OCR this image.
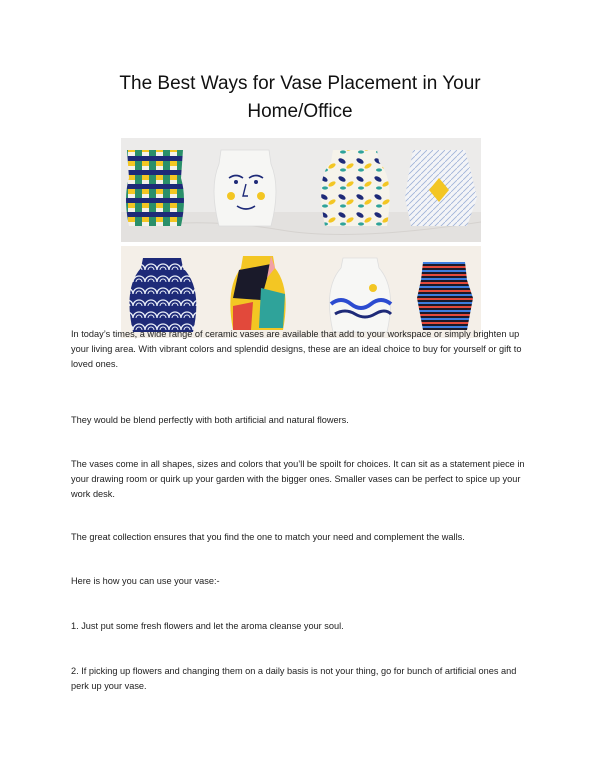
The Best Ways for Vase Placement in Your
Home/Office

In today’s times, a wide range of ceramic vases are available that add to your workspace or simply brighten up your living area. With vibrant colors and splendid designs, these are an ideal choice to buy for yourself or gift to loved ones.

They would be blend perfectly with both artificial and natural flowers.

The vases come in all shapes, sizes and colors that you’ll be spoilt for choices. It can sit as a statement piece in your drawing room or quirk up your garden with the bigger ones. Smaller vases can be perfect to spice up your work desk.

The great collection ensures that you find the one to match your need and complement the walls.

Here is how you can use your vase:-

1. Just put some fresh flowers and let the aroma cleanse your soul.

2. If picking up flowers and changing them on a daily basis is not your thing, go for bunch of artificial ones and perk up your vase.
